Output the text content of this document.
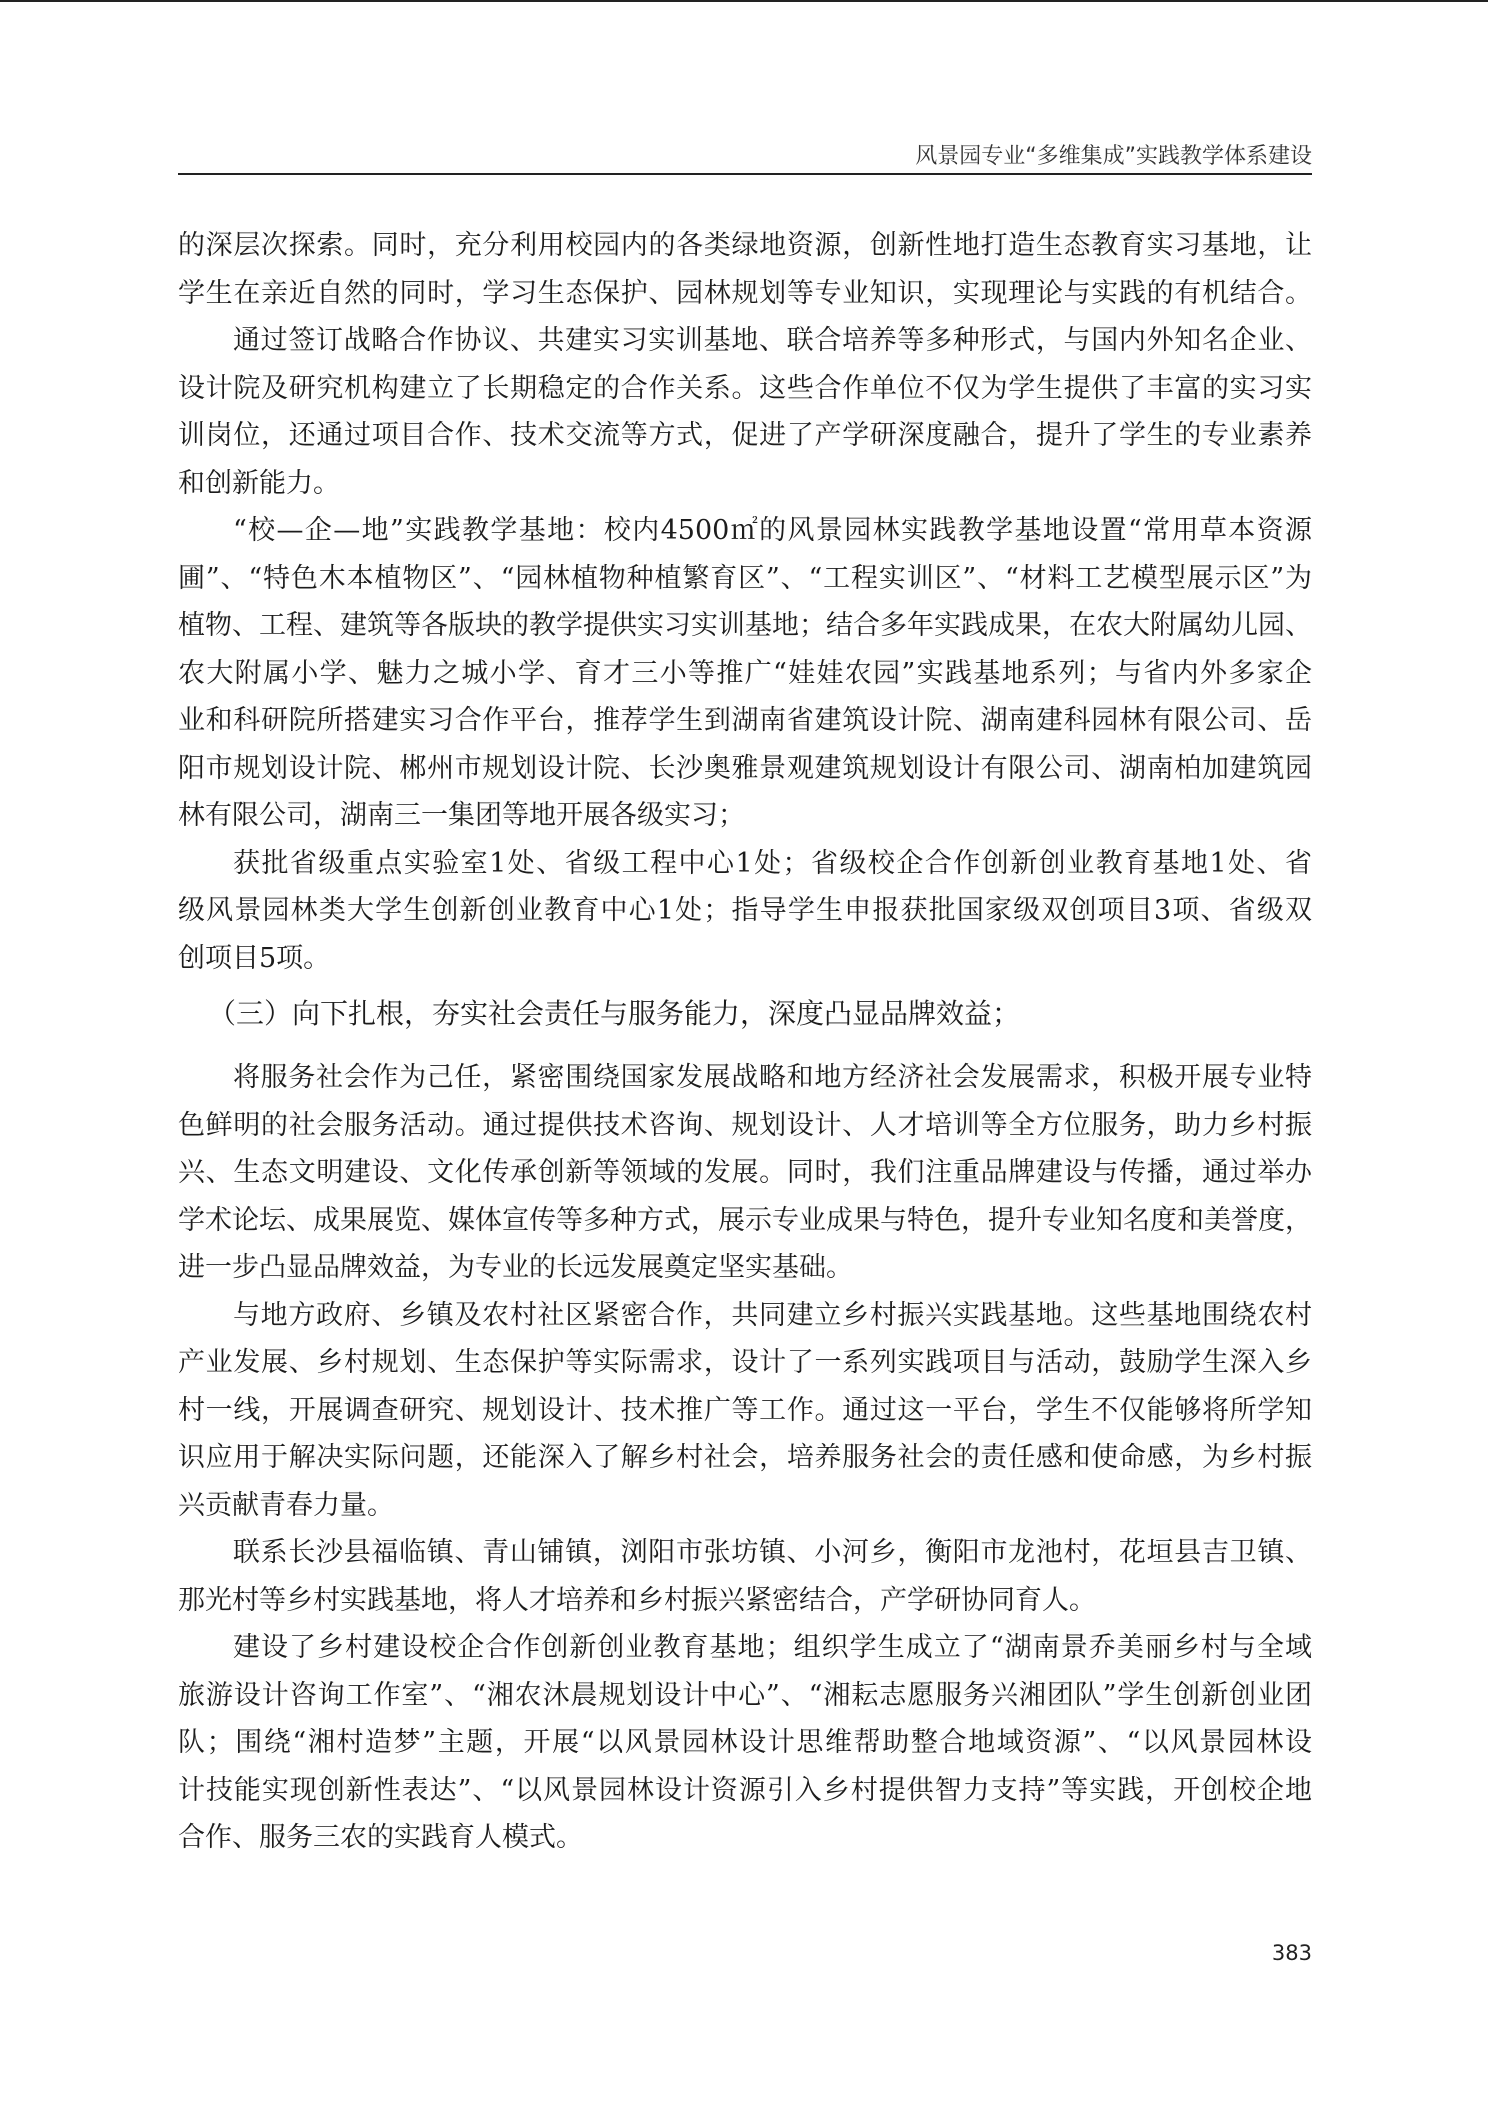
风景园专业“多维集成”实践教学体系建设
的深层次探索。同时，充分利用校园内的各类绿地资源，创新性地打造生态教育实习基地，让
学生在亲近自然的同时，学习生态保护、园林规划等专业知识，实现理论与实践的有机结合。
通过签订战略合作协议、共建实习实训基地、联合培养等多种形式，与国内外知名企业、
设计院及研究机构建立了长期稳定的合作关系。这些合作单位不仅为学生提供了丰富的实习实
训岗位，还通过项目合作、技术交流等方式，促进了产学研深度融合，提升了学生的专业素养
和创新能力。
“校—企—地”实践教学基地：校内4500㎡的风景园林实践教学基地设置“常用草本资源
圃”、“特色木本植物区”、“园林植物种植繁育区”、“工程实训区”、“材料工艺模型展示区”为
植物、工程、建筑等各版块的教学提供实习实训基地；结合多年实践成果，在农大附属幼儿园、
农大附属小学、魅力之城小学、育才三小等推广“娃娃农园”实践基地系列；与省内外多家企
业和科研院所搭建实习合作平台，推荐学生到湖南省建筑设计院、湖南建科园林有限公司、岳
阳市规划设计院、郴州市规划设计院、长沙奥雅景观建筑规划设计有限公司、湖南柏加建筑园
林有限公司，湖南三一集团等地开展各级实习；
获批省级重点实验室1处、省级工程中心1处；省级校企合作创新创业教育基地1处、省
级风景园林类大学生创新创业教育中心1处；指导学生申报获批国家级双创项目3项、省级双
创项目5项。
（三）向下扎根，夯实社会责任与服务能力，深度凸显品牌效益；
将服务社会作为己任，紧密围绕国家发展战略和地方经济社会发展需求，积极开展专业特
色鲜明的社会服务活动。通过提供技术咨询、规划设计、人才培训等全方位服务，助力乡村振
兴、生态文明建设、文化传承创新等领域的发展。同时，我们注重品牌建设与传播，通过举办
学术论坛、成果展览、媒体宣传等多种方式，展示专业成果与特色，提升专业知名度和美誉度，
进一步凸显品牌效益，为专业的长远发展奠定坚实基础。
与地方政府、乡镇及农村社区紧密合作，共同建立乡村振兴实践基地。这些基地围绕农村
产业发展、乡村规划、生态保护等实际需求，设计了一系列实践项目与活动，鼓励学生深入乡
村一线，开展调查研究、规划设计、技术推广等工作。通过这一平台，学生不仅能够将所学知
识应用于解决实际问题，还能深入了解乡村社会，培养服务社会的责任感和使命感，为乡村振
兴贡献青春力量。
联系长沙县福临镇、青山铺镇，浏阳市张坊镇、小河乡，衡阳市龙池村，花垣县吉卫镇、
那光村等乡村实践基地，将人才培养和乡村振兴紧密结合，产学研协同育人。
建设了乡村建设校企合作创新创业教育基地；组织学生成立了“湖南景乔美丽乡村与全域
旅游设计咨询工作室”、“湘农沐晨规划设计中心”、“湘耘志愿服务兴湘团队”学生创新创业团
队；围绕“湘村造梦”主题，开展“以风景园林设计思维帮助整合地域资源”、“以风景园林设
计技能实现创新性表达”、“以风景园林设计资源引入乡村提供智力支持”等实践，开创校企地
合作、服务三农的实践育人模式。
383
